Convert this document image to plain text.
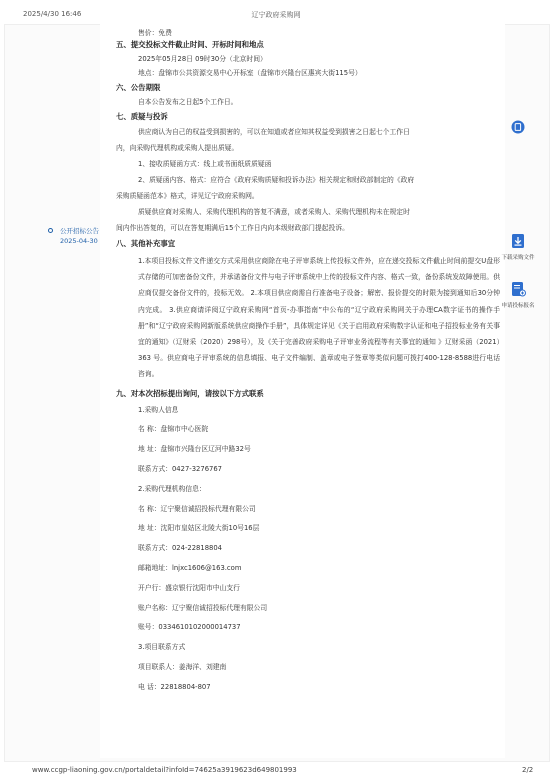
2025/4/30 16:46	辽宁政府采购网
公开招标公告
2025-04-30
下载采购文件
申请投标报名

售价：免费

五、提交投标文件截止时间、开标时间和地点

2025年05月28日 09时30分（北京时间）

地点：盘锦市公共资源交易中心开标室（盘锦市兴隆台区惠宾大街115号）

六、公告期限

自本公告发布之日起5个工作日。

七、质疑与投诉

供应商认为自己的权益受到损害的，可以在知道或者应知其权益受到损害之日起七个工作日

内，向采购代理机构或采购人提出质疑。

1、接收质疑函方式：线上或书面纸质质疑函

2、质疑函内容、格式：应符合《政府采购质疑和投诉办法》相关规定和财政部制定的《政府

采购质疑函范本》格式，详见辽宁政府采购网。

质疑供应商对采购人、采购代理机构的答复不满意，或者采购人、采购代理机构未在规定时

间内作出答复的，可以在答复期满后15个工作日内向本级财政部门提起投诉。

八、其他补充事宜

1.本项目投标文件文件递交方式采用供应商除在电子评审系统上传投标文件外，应在递交投标文件截止时间前提交U盘形式存储的可加密备份文件，并承诺备份文件与电子评审系统中上传的投标文件内容、格式一致，备份系统发故障使用。供应商仅提交备份文件的，投标无效。 2.本项目供应商需自行准备电子设备；解密、报价提交的时限为接到通知后30分钟内完成。 3.供应商请详阅辽宁政府采购网“首页-办事指南”中公布的“辽宁政府采购网关于办理CA数字证书的操作手册”和“辽宁政府采购网新版系统供应商操作手册”，具体规定详见《关于启用政府采购数字认证和电子招投标业务有关事宜的通知》（辽财采（2020）298号），及《关于完善政府采购电子评审业务流程等有关事宜的通知 》辽财采函（2021）363 号。供应商电子评审系统的信息填报、电子文件编制、盖章或电子签章等类似问题可拨打400-128-8588进行电话咨询。

九、对本次招标提出询问，请按以下方式联系

1.采购人信息

名 称：盘锦市中心医院

地 址：盘锦市兴隆台区辽河中路32号

联系方式：0427-3276767

2.采购代理机构信息：

名 称：辽宁聚信诚招投标代理有限公司

地 址：沈阳市皇姑区北陵大街10号16层

联系方式：024-22818804

邮箱地址：lnjxc1606@163.com

开户行：盛京银行沈阳市中山支行

账户名称：辽宁聚信诚招投标代理有限公司

账号：0334610102000014737

3.项目联系方式

项目联系人：姜海洋、刘建南

电 话：22818804-807

www.ccgp-liaoning.gov.cn/portaldetail?infoId=74625a3919623d649801993	2/2
